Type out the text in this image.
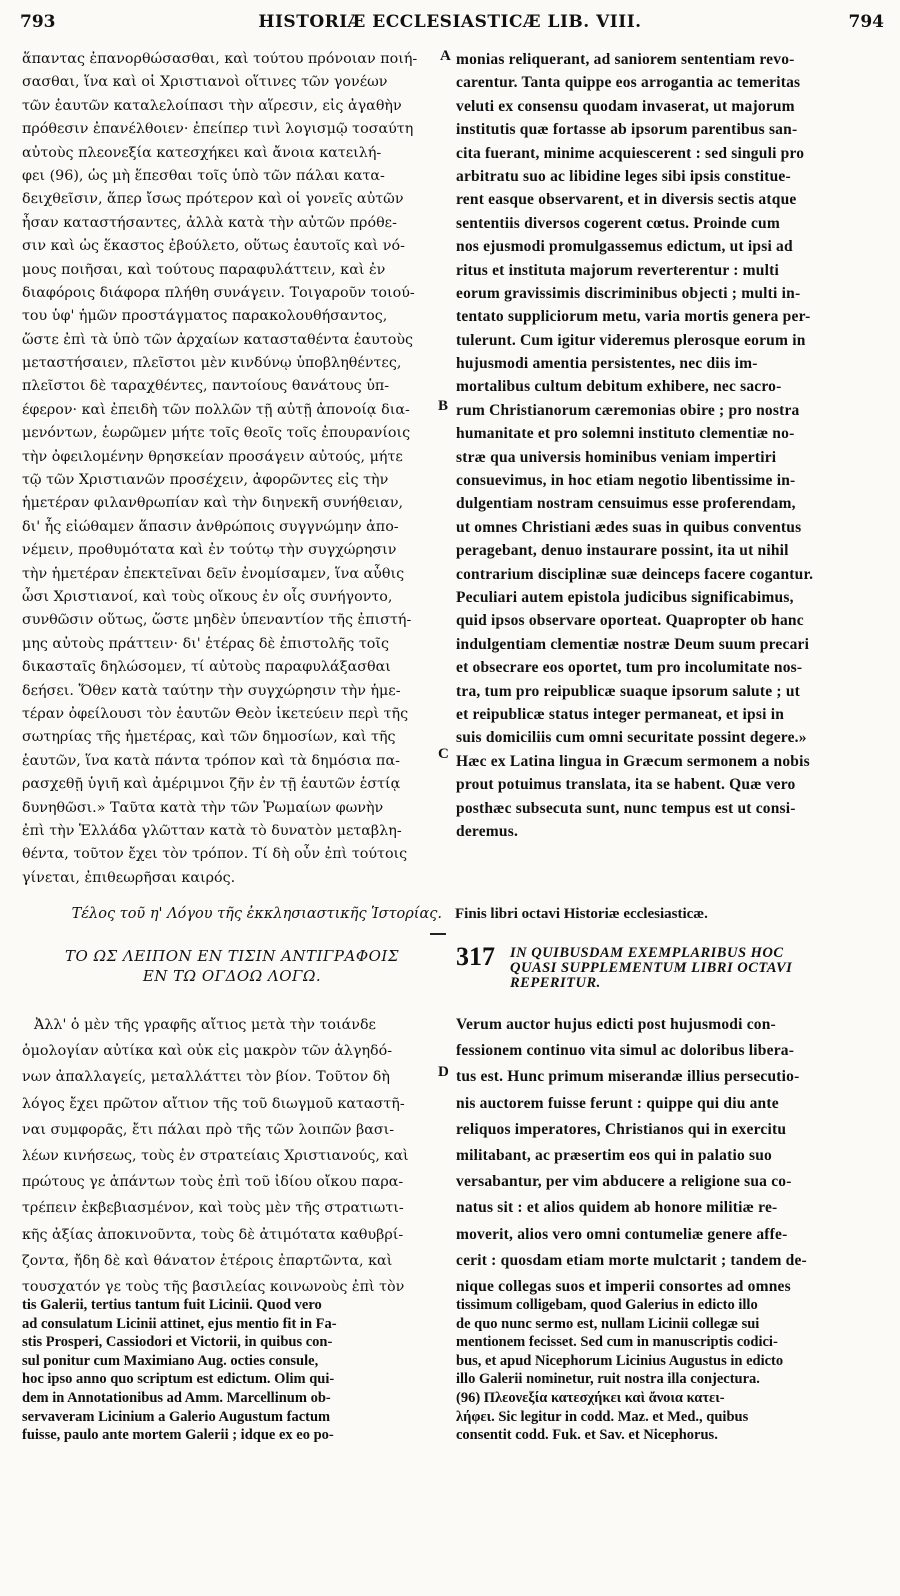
793	HISTORIÆ ECCLESIASTICÆ LIB. VIII.	794
ἅπαντας ἐπανορθώσασθαι, καὶ τούτου πρόνοιαν ποιή-
σασθαι, ἵνα καὶ οἱ Χριστιανοὶ οἵτινες τῶν γονέων
τῶν ἑαυτῶν καταλελοίπασι τὴν αἵρεσιν, εἰς ἀγαθὴν
πρόθεσιν ἐπανέλθοιεν· ἐπείπερ τινὶ λογισμῷ τοσαύτη
αὐτοὺς πλεονεξία κατεσχήκει καὶ ἄνοια κατειλή-
φει (96), ὡς μὴ ἕπεσθαι τοῖς ὑπὸ τῶν πάλαι κατα-
δειχθεῖσιν, ἅπερ ἴσως πρότερον καὶ οἱ γονεῖς αὐτῶν
ἦσαν καταστήσαντες, ἀλλὰ κατὰ τὴν αὐτῶν πρόθε-
σιν καὶ ὡς ἕκαστος ἐβούλετο, οὕτως ἑαυτοῖς καὶ νό-
μους ποιῆσαι, καὶ τούτους παραφυλάττειν, καὶ ἐν
διαφόροις διάφορα πλήθη συνάγειν. Τοιγαροῦν τοιού-
του ὑφ' ἡμῶν προστάγματος παρακολουθήσαντος,
ὥστε ἐπὶ τὰ ὑπὸ τῶν ἀρχαίων κατασταθέντα ἑαυτοὺς
μεταστήσαιεν, πλεῖστοι μὲν κινδύνῳ ὑποβληθέντες,
πλεῖστοι δὲ ταραχθέντες, παντοίους θανάτους ὑπ-
έφερον· καὶ ἐπειδὴ τῶν πολλῶν τῇ αὐτῇ ἀπονοίᾳ δια-
μενόντων, ἑωρῶμεν μήτε τοῖς θεοῖς τοῖς ἐπουρανίοις
τὴν ὀφειλομένην θρησκείαν προσάγειν αὐτούς, μήτε
τῷ τῶν Χριστιανῶν προσέχειν, ἀφορῶντες εἰς τὴν
ἡμετέραν φιλανθρωπίαν καὶ τὴν διηνεκῆ συνήθειαν,
δι' ἧς εἰώθαμεν ἅπασιν ἀνθρώποις συγγνώμην ἀπο-
νέμειν, προθυμότατα καὶ ἐν τούτῳ τὴν συγχώρησιν
τὴν ἡμετέραν ἐπεκτεῖναι δεῖν ἐνομίσαμεν, ἵνα αὖθις
ὦσι Χριστιανοί, καὶ τοὺς οἴκους ἐν οἷς συνήγοντο,
συνθῶσιν οὕτως, ὥστε μηδὲν ὑπεναντίον τῆς ἐπιστή-
μης αὐτοὺς πράττειν· δι' ἑτέρας δὲ ἐπιστολῆς τοῖς
δικασταῖς δηλώσομεν, τί αὐτοὺς παραφυλάξασθαι
δεήσει. Ὅθεν κατὰ ταύτην τὴν συγχώρησιν τὴν ἡμε-
τέραν ὀφείλουσι τὸν ἑαυτῶν Θεὸν ἱκετεύειν περὶ τῆς
σωτηρίας τῆς ἡμετέρας, καὶ τῶν δημοσίων, καὶ τῆς
ἑαυτῶν, ἵνα κατὰ πάντα τρόπον καὶ τὰ δημόσια πα-
ρασχεθῇ ὑγιῆ καὶ ἀμέριμνοι ζῆν ἐν τῇ ἑαυτῶν ἑστίᾳ
δυνηθῶσι.» Ταῦτα κατὰ τὴν τῶν Ῥωμαίων φωνὴν
ἐπὶ τὴν Ἑλλάδα γλῶτταν κατὰ τὸ δυνατὸν μεταβλη-
θέντα, τοῦτον ἔχει τὸν τρόπον. Τί δὴ οὖν ἐπὶ τούτοις
γίνεται, ἐπιθεωρῆσαι καιρός.
monias reliquerant, ad saniorem sententiam revo-
carentur. Tanta quippe eos arrogantia ac temeritas
veluti ex consensu quodam invaserat, ut majorum
institutis quæ fortasse ab ipsorum parentibus san-
cita fuerant, minime acquiescerent : sed singuli pro
arbitratu suo ac libidine leges sibi ipsis constitue-
rent easque observarent, et in diversis sectis atque
sententiis diversos cogerent cœtus. Proinde cum
nos ejusmodi promulgassemus edictum, ut ipsi ad
ritus et instituta majorum reverterentur : multi
eorum gravissimis discriminibus objecti ; multi in-
tentato suppliciorum metu, varia mortis genera per-
tulerunt. Cum igitur videremus plerosque eorum in
hujusmodi amentia persistentes, nec diis im-
mortalibus cultum debitum exhibere, nec sacro-
rum Christianorum cæremonias obire ; pro nostra
humanitate et pro solemni instituto clementiæ no-
stræ qua universis hominibus veniam impertiri
consuevimus, in hoc etiam negotio libentissime in-
dulgentiam nostram censuimus esse proferendam,
ut omnes Christiani ædes suas in quibus conventus
peragebant, denuo instaurare possint, ita ut nihil
contrarium disciplinæ suæ deinceps facere cogantur.
Peculiari autem epistola judicibus significabimus,
quid ipsos observare oporteat. Quapropter ob hanc
indulgentiam clementiæ nostræ Deum suum precari
et obsecrare eos oportet, tum pro incolumitate nos-
tra, tum pro reipublicæ suaque ipsorum salute ; ut
et reipublicæ status integer permaneat, et ipsi in
suis domiciliis cum omni securitate possint degere.»
Hæc ex Latina lingua in Græcum sermonem a nobis
prout potuimus translata, ita se habent. Quæ vero
posthæc subsecuta sunt, nunc tempus est ut consi-
deremus.
A
B
C
D
Τέλος τοῦ η' Λόγου τῆς ἐκκλησιαστικῆς Ἱστορίας. Finis libri octavi Historiæ ecclesiasticæ.
ΤΟ ΩΣ ΛΕΙΠΟΝ ΕΝ ΤΙΣΙΝ ΑΝΤΙΓΡΑΦΟΙΣ
ΕΝ ΤΩ ΟΓΔΟΩ ΛΟΓΩ.
317 IN QUIBUSDAM EXEMPLARIBUS HOC
QUASI SUPPLEMENTUM LIBRI OCTAVI
REPERITUR.
Ἀλλ' ὁ μὲν τῆς γραφῆς αἴτιος μετὰ τὴν τοιάνδε
ὁμολογίαν αὐτίκα καὶ οὐκ εἰς μακρὸν τῶν ἀλγηδό-
νων ἀπαλλαγείς, μεταλλάττει τὸν βίον. Τοῦτον δὴ
λόγος ἔχει πρῶτον αἴτιον τῆς τοῦ διωγμοῦ καταστῆ-
ναι συμφορᾶς, ἔτι πάλαι πρὸ τῆς τῶν λοιπῶν βασι-
λέων κινήσεως, τοὺς ἐν στρατείαις Χριστιανούς, καὶ
πρώτους γε ἁπάντων τοὺς ἐπὶ τοῦ ἰδίου οἴκου παρα-
τρέπειν ἐκβεβιασμένον, καὶ τοὺς μὲν τῆς στρατιωτι-
κῆς ἀξίας ἀποκινοῦντα, τοὺς δὲ ἀτιμότατα καθυβρί-
ζοντα, ἤδη δὲ καὶ θάνατον ἑτέροις ἐπαρτῶντα, καὶ
τουσχατόν γε τοὺς τῆς βασιλείας κοινωνοὺς ἐπὶ τὸν
Verum auctor hujus edicti post hujusmodi con-
fessionem continuo vita simul ac doloribus libera-
tus est. Hunc primum miserandæ illius persecutio-
nis auctorem fuisse ferunt : quippe qui diu ante
reliquos imperatores, Christianos qui in exercitu
militabant, ac præsertim eos qui in palatio suo
versabantur, per vim abducere a religione sua co-
natus sit : et alios quidem ab honore militiæ re-
moverit, alios vero omni contumeliæ genere affe-
cerit : quosdam etiam morte mulctarit ; tandem de-
nique collegas suos et imperii consortes ad omnes
tis Galerii, tertius tantum fuit Licinii. Quod vero
ad consulatum Licinii attinet, ejus mentio fit in Fa-
stis Prosperi, Cassiodori et Victorii, in quibus con-
sul ponitur cum Maximiano Aug. octies consule,
hoc ipso anno quo scriptum est edictum. Olim qui-
dem in Annotationibus ad Amm. Marcellinum ob-
servaveram Licinium a Galerio Augustum factum
fuisse, paulo ante mortem Galerii ; idque ex eo po-
tissimum colligebam, quod Galerius in edicto illo
de quo nunc sermo est, nullam Licinii collegæ sui
mentionem fecisset. Sed cum in manuscriptis codici-
bus, et apud Nicephorum Licinius Augustus in edicto
illo Galerii nominetur, ruit nostra illa conjectura.
(96) Πλεονεξία κατεσχήκει καὶ ἄνοια κατει-
λήφει. Sic legitur in codd. Maz. et Med., quibus
consentit codd. Fuk. et Sav. et Nicephorus.
